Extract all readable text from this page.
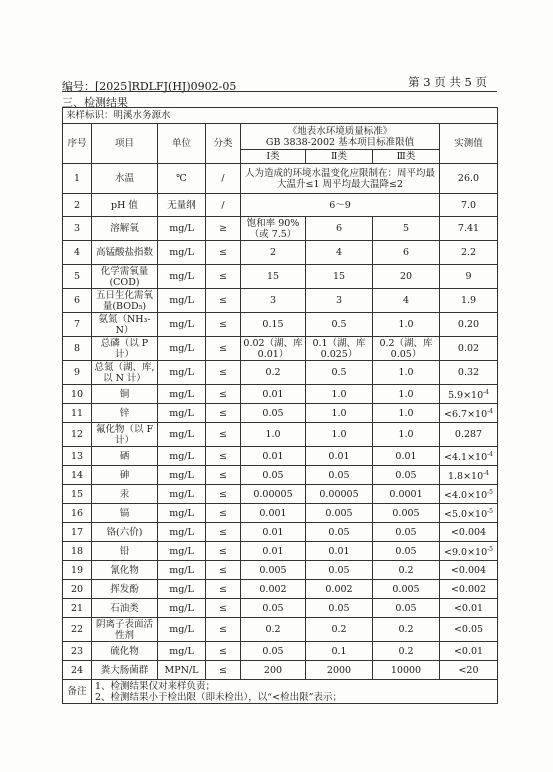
编号：[2025]RDLFJ(HJ)0902-05	第 3 页 共 5 页
三、检测结果
来样标识：明溪水务源水							
序号	项目	单位	分类	《地表水环境质量标准》
GB 3838-2002 基本项目标准限值			实测值
				Ⅰ类	Ⅱ类	Ⅲ类	
1	水温	℃	/	人为造成的环境水温变化应限制在：周平均最大温升≤1 周平均最大温降≤2			26.0
2	pH 值	无量纲	/	6～9			7.0
3	溶解氧	mg/L	≥	饱和率 90%（或 7.5）	6	5	7.41
4	高锰酸盐指数	mg/L	≤	2	4	6	2.2
5	化学需氧量(COD)	mg/L	≤	15	15	20	9
6	五日生化需氧量(BOD₅)	mg/L	≤	3	3	4	1.9
7	氨氮（NH₃-N）	mg/L	≤	0.15	0.5	1.0	0.20
8	总磷（以 P 计）	mg/L	≤	0.02（湖、库 0.01）	0.1（湖、库 0.025）	0.2（湖、库 0.05）	0.02
9	总氮（湖、库,以 N 计）	mg/L	≤	0.2	0.5	1.0	0.32
10	铜	mg/L	≤	0.01	1.0	1.0	$5.9\times 10^{-4}$
11	锌	mg/L	≤	0.05	1.0	1.0	$<6.7\times 10^{-4}$
12	氟化物（以 F 计）	mg/L	≤	1.0	1.0	1.0	0.287
13	硒	mg/L	≤	0.01	0.01	0.01	$<4.1\times 10^{-4}$
14	砷	mg/L	≤	0.05	0.05	0.05	$1.8\times 10^{-4}$
15	汞	mg/L	≤	0.00005	0.00005	0.0001	$<4.0\times 10^{-5}$
16	镉	mg/L	≤	0.001	0.005	0.005	$<5.0\times 10^{-5}$
17	铬(六价)	mg/L	≤	0.01	0.05	0.05	<0.004
18	铅	mg/L	≤	0.01	0.01	0.05	$<9.0\times 10^{-5}$
19	氰化物	mg/L	≤	0.005	0.05	0.2	<0.004
20	挥发酚	mg/L	≤	0.002	0.002	0.005	<0.002
21	石油类	mg/L	≤	0.05	0.05	0.05	<0.01
22	阴离子表面活性剂	mg/L	≤	0.2	0.2	0.2	<0.05
23	硫化物	mg/L	≤	0.05	0.1	0.2	<0.01
24	粪大肠菌群	MPN/L	≤	200	2000	10000	<20
备注	1、检测结果仅对来样负责；
2、检测结果小于检出限（即未检出），以“<检出限”表示；						
